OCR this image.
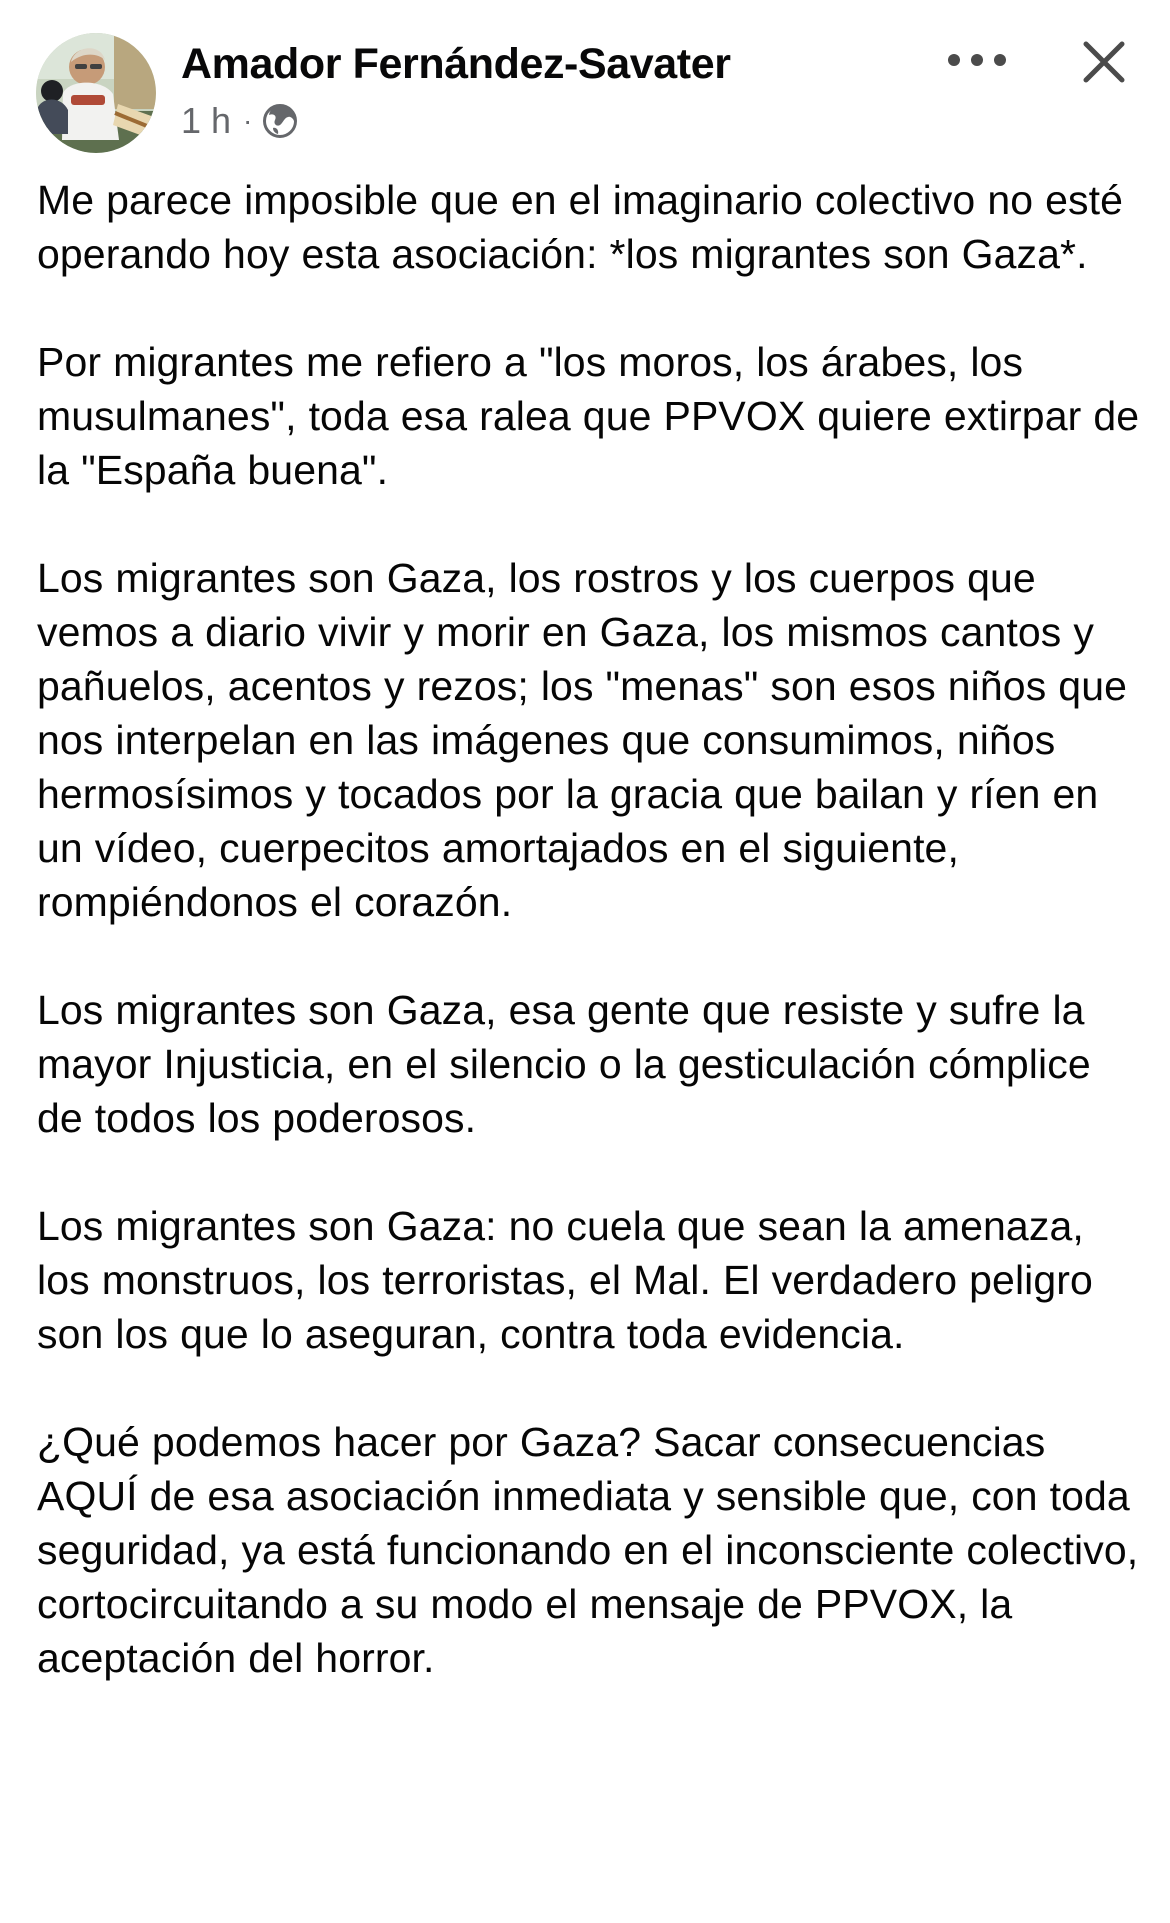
Amador Fernández-Savater
1 h ·

Me parece imposible que en el imaginario colectivo no esté operando hoy esta asociación: *los migrantes son Gaza*.

Por migrantes me refiero a "los moros, los árabes, los musulmanes", toda esa ralea que PPVOX quiere extirpar de la "España buena".

Los migrantes son Gaza, los rostros y los cuerpos que vemos a diario vivir y morir en Gaza, los mismos cantos y pañuelos, acentos y rezos; los "menas" son esos niños que nos interpelan en las imágenes que consumimos, niños hermosísimos y tocados por la gracia que bailan y ríen en un vídeo, cuerpecitos amortajados en el siguiente, rompiéndonos el corazón.

Los migrantes son Gaza, esa gente que resiste y sufre la mayor Injusticia, en el silencio o la gesticulación cómplice de todos los poderosos.

Los migrantes son Gaza: no cuela que sean la amenaza, los monstruos, los terroristas, el Mal. El verdadero peligro son los que lo aseguran, contra toda evidencia.

¿Qué podemos hacer por Gaza? Sacar consecuencias AQUÍ de esa asociación inmediata y sensible que, con toda seguridad, ya está funcionando en el inconsciente colectivo, cortocircuitando a su modo el mensaje de PPVOX, la aceptación del horror.
